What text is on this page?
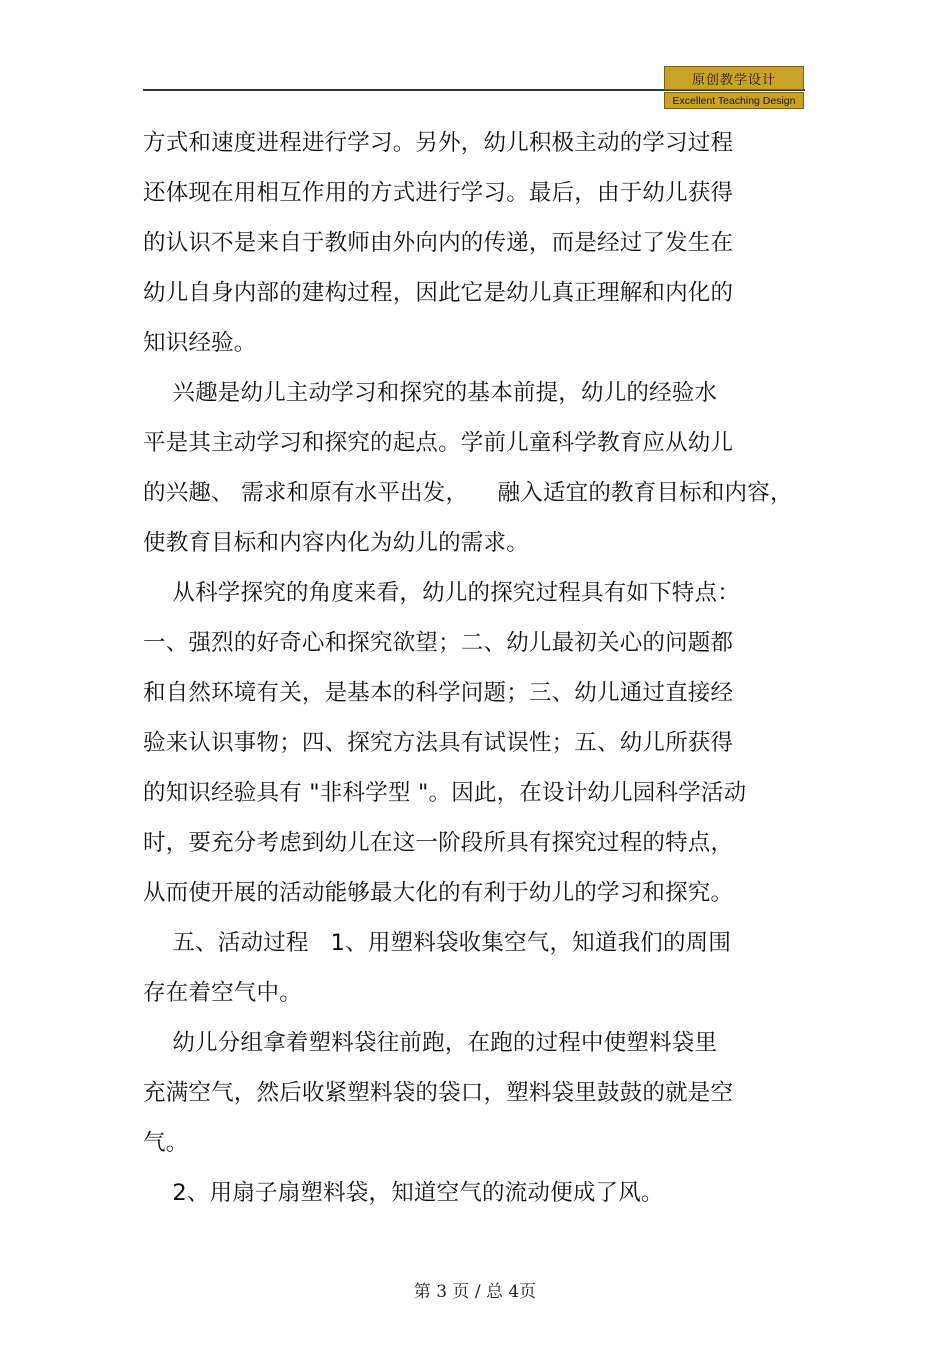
原创教学设计
Excellent Teaching Design
方式和速度进程进行学习。另外，幼儿积极主动的学习过程
还体现在用相互作用的方式进行学习。最后，由于幼儿获得
的认识不是来自于教师由外向内的传递，而是经过了发生在
幼儿自身内部的建构过程，因此它是幼儿真正理解和内化的
知识经验。
兴趣是幼儿主动学习和探究的基本前提，幼儿的经验水
平是其主动学习和探究的起点。学前儿童科学教育应从幼儿
的兴趣、 需求和原有水平出发，    融入适宜的教育目标和内容，
使教育目标和内容内化为幼儿的需求。
从科学探究的角度来看，幼儿的探究过程具有如下特点：
一、强烈的好奇心和探究欲望；二、幼儿最初关心的问题都
和自然环境有关，是基本的科学问题；三、幼儿通过直接经
验来认识事物；四、探究方法具有试误性；五、幼儿所获得
的知识经验具有 "非科学型 "。因此，在设计幼儿园科学活动
时，要充分考虑到幼儿在这一阶段所具有探究过程的特点，
从而使开展的活动能够最大化的有利于幼儿的学习和探究。
五、活动过程   1、用塑料袋收集空气，知道我们的周围
存在着空气中。
幼儿分组拿着塑料袋往前跑，在跑的过程中使塑料袋里
充满空气，然后收紧塑料袋的袋口，塑料袋里鼓鼓的就是空
气。
2、用扇子扇塑料袋，知道空气的流动便成了风。
第 3 页 / 总 4页
